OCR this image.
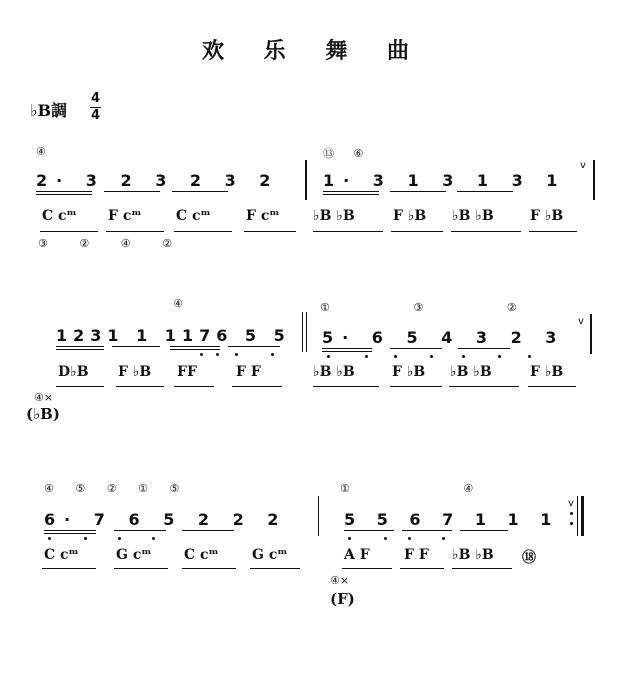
欢 乐 舞 曲
♭B調
4
4
④	⑬ ⑥
2· 3 2 3 2 3 2	1· 3 1 3 1 3 1
v
C cᵐ F cᵐ C cᵐ	F cᵐ ♭B ♭B	F ♭B ♭B ♭B	F ♭B
③ ② ④ ②
④	① ③ ②
1231 1 1176 5 5 5· 6 5 4 3 2 3
v
D♭B F ♭B FF	F F	♭B ♭B	F ♭B ♭B ♭B	F ♭B
④×
(♭B)
④ ⑤ ② ① ⑤	① ④
6· 7 6 5 2 2 2	5 5 6 7 1 1 1
v
C cᵐ	G cᵐ C cᵐ G cᵐ	A F F F ♭B ♭B ⑱
④×
(F)
